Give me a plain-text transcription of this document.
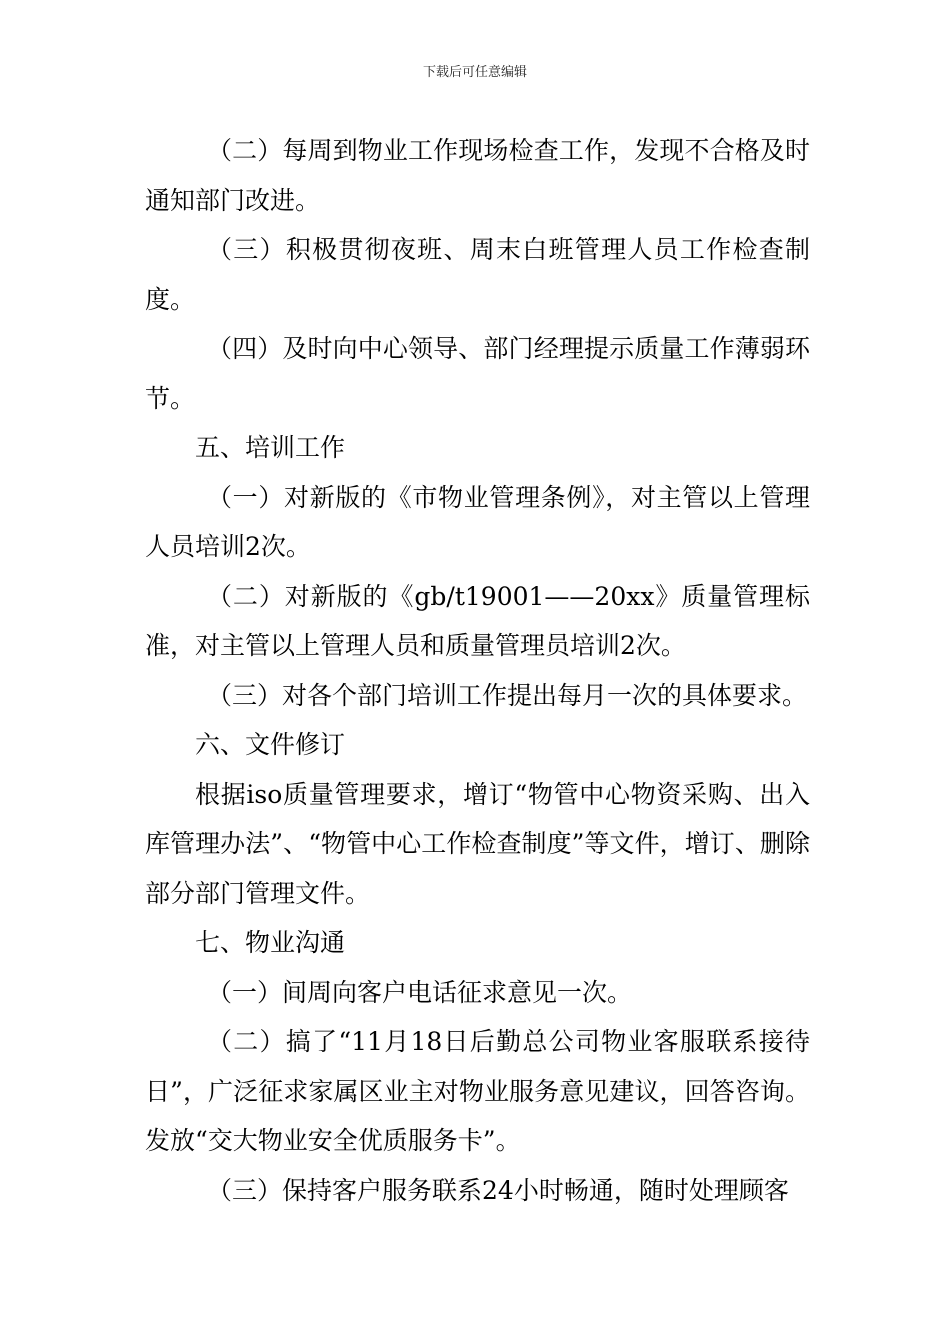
下载后可任意编辑

（二）每周到物业工作现场检查工作，发现不合格及时通知部门改进。

（三）积极贯彻夜班、周末白班管理人员工作检查制度。

（四）及时向中心领导、部门经理提示质量工作薄弱环节。

五、培训工作

（一）对新版的《市物业管理条例》，对主管以上管理人员培训2次。

（二）对新版的《gb/t19001——20xx》质量管理标准，对主管以上管理人员和质量管理员培训2次。

（三）对各个部门培训工作提出每月一次的具体要求。

六、文件修订

根据iso质量管理要求，增订“物管中心物资采购、出入库管理办法”、“物管中心工作检查制度”等文件，增订、删除部分部门管理文件。

七、物业沟通

（一）间周向客户电话征求意见一次。

（二）搞了“11月18日后勤总公司物业客服联系接待日”，广泛征求家属区业主对物业服务意见建议，回答咨询。发放“交大物业安全优质服务卡”。

（三）保持客户服务联系24小时畅通，随时处理顾客
